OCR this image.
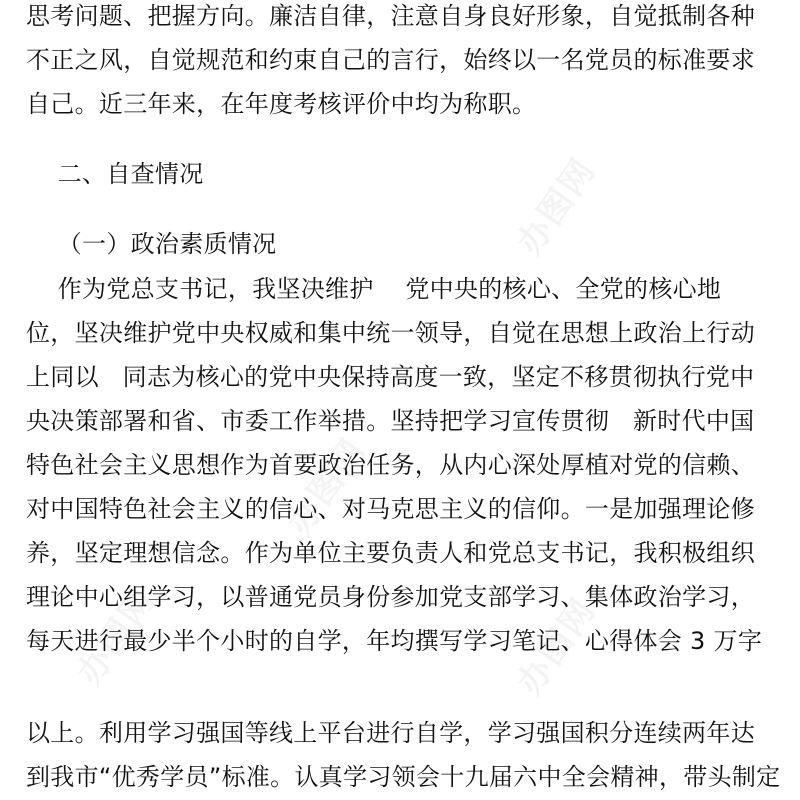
办图网
办图网
办图网
办图网
思考问题、把握方向。廉洁自律，注意自身良好形象，自觉抵制各种
不正之风，自觉规范和约束自己的言行，始终以一名党员的标准要求
自己。近三年来，在年度考核评价中均为称职。
二、自查情况
（一）政治素质情况
作为党总支书记，我坚决维护    党中央的核心、全党的核心地
位，坚决维护党中央权威和集中统一领导，自觉在思想上政治上行动
上同以   同志为核心的党中央保持高度一致，坚定不移贯彻执行党中
央决策部署和省、市委工作举措。坚持把学习宣传贯彻   新时代中国
特色社会主义思想作为首要政治任务，从内心深处厚植对党的信赖、
对中国特色社会主义的信心、对马克思主义的信仰。一是加强理论修
养，坚定理想信念。作为单位主要负责人和党总支书记，我积极组织
理论中心组学习，以普通党员身份参加党支部学习、集体政治学习，
每天进行最少半个小时的自学，年均撰写学习笔记、心得体会 3 万字
以上。利用学习强国等线上平台进行自学，学习强国积分连续两年达
到我市“优秀学员”标准。认真学习领会十九届六中全会精神，带头制定
